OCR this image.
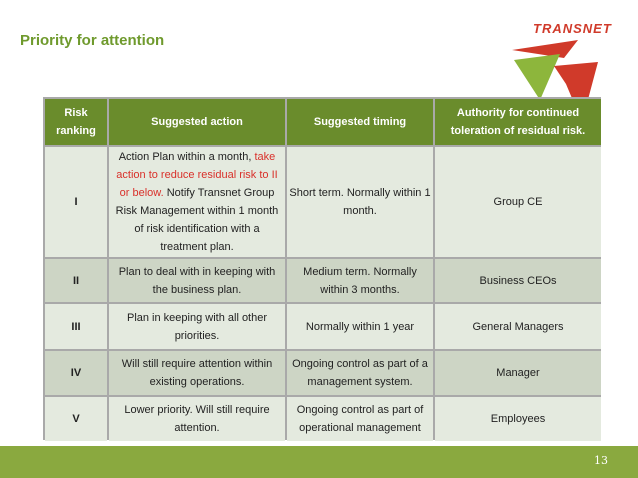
Priority for attention
TRANSNET
Risk ranking	Suggested action	Suggested timing	Authority for continued toleration of residual risk.
I	Action Plan within a month, take action to reduce residual risk to II or below. Notify Transnet Group Risk Management within 1 month of risk identification with a treatment plan.	Short term. Normally within 1 month.	Group CE
II	Plan to deal with in keeping with the business plan.	Medium term. Normally within 3 months.	Business CEOs
III	Plan in keeping with all other priorities.	Normally within 1 year	General Managers
IV	Will still require attention within existing operations.	Ongoing control as part of a management system.	Manager
V	Lower priority. Will still require attention.	Ongoing control as part of operational management	Employees
13
